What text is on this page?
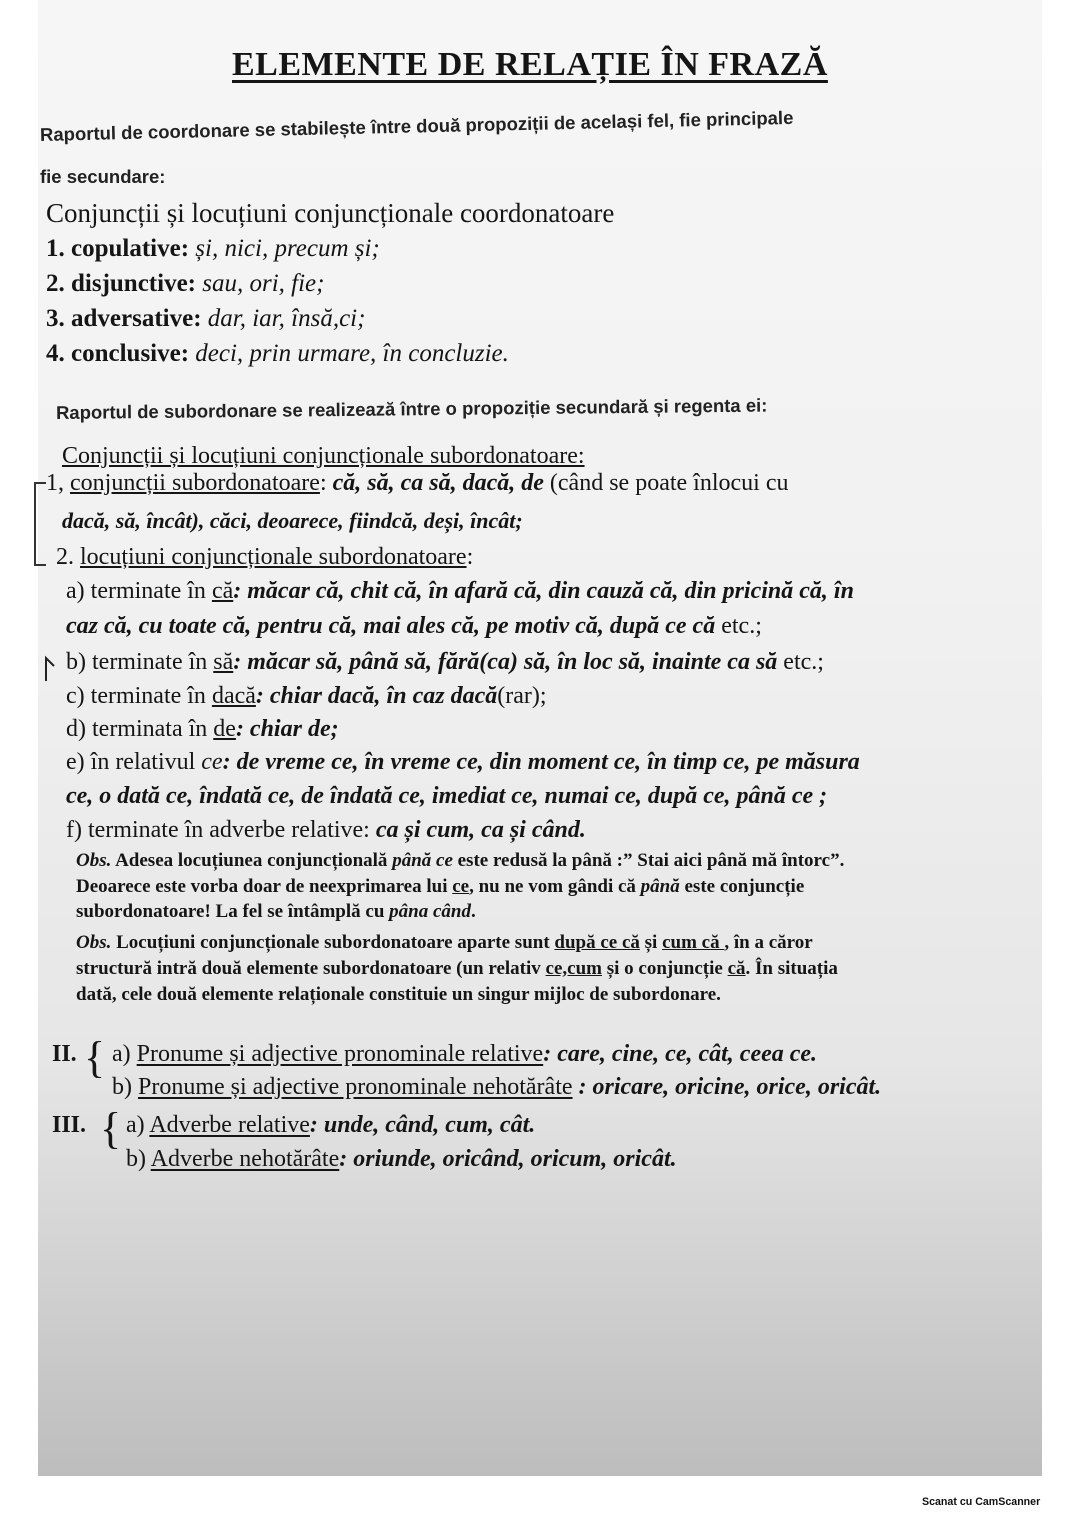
ELEMENTE DE RELAȚIE ÎN FRAZĂ
Raportul de coordonare se stabilește între două propoziții de același fel, fie principale
fie secundare:
Conjuncții și locuțiuni conjuncționale coordonatoare
1. copulative: și, nici, precum și;
2. disjunctive: sau, ori, fie;
3. adversative: dar, iar, însă,ci;
4. conclusive: deci, prin urmare, în concluzie.
Raportul de subordonare se realizează între o propoziție secundară și regenta ei:
Conjuncții și locuțiuni conjuncționale subordonatoare:
1, conjuncții subordonatoare: că, să, ca să, dacă, de (când se poate înlocui cu
dacă, să, încât), căci, deoarece, fiindcă, deși, încât;
2. locuțiuni conjuncționale subordonatoare:
a) terminate în că: măcar că, chit că, în afară că, din cauză că, din pricină că, în
caz că, cu toate că, pentru că, mai ales că, pe motiv că, după ce că etc.;
b) terminate în să: măcar să, până să, fără(ca) să, în loc să, inainte ca să etc.;
c) terminate în dacă: chiar dacă, în caz dacă(rar);
d) terminata în de: chiar de;
e) în relativul ce: de vreme ce, în vreme ce, din moment ce, în timp ce, pe măsura
ce, o dată ce, îndată ce, de îndată ce, imediat ce, numai ce, după ce, până ce ;
f) terminate în adverbe relative: ca și cum, ca și când.
Obs. Adesea locuțiunea conjuncțională până ce este redusă la până :” Stai aici până mă întorc”.
Deoarece este vorba doar de neexprimarea lui ce, nu ne vom gândi că până este conjuncție
subordonatoare! La fel se întâmplă cu pâna când.
Obs. Locuțiuni conjuncționale subordonatoare aparte sunt după ce că și cum că , în a căror
structură intră două elemente subordonatoare (un relativ ce,cum și o conjuncție că. În situația
dată, cele două elemente relaționale constituie un singur mijloc de subordonare.
II. { a) Pronume și adjective pronominale relative: care, cine, ce, cât, ceea ce.
b) Pronume și adjective pronominale nehotărâte : oricare, oricine, orice, oricât.
III. { a) Adverbe relative: unde, când, cum, cât.
b) Adverbe nehotărâte: oriunde, oricând, oricum, oricât.
Scanat cu CamScanner
